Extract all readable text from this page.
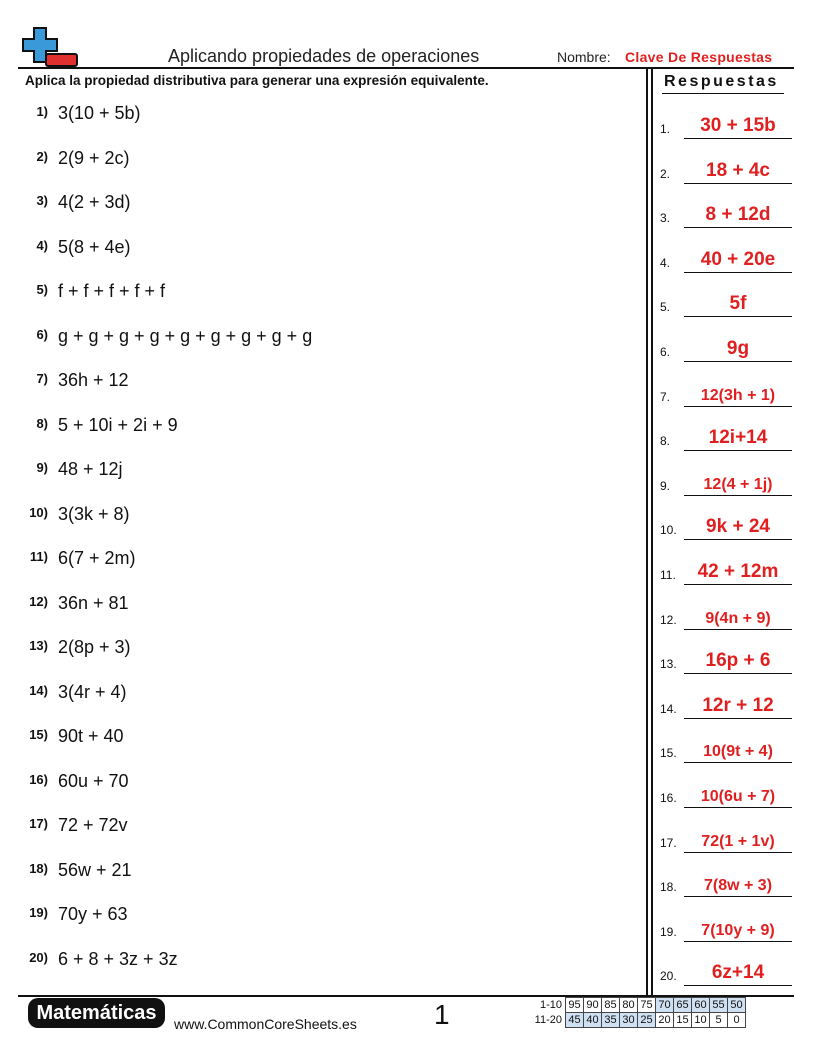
Aplicando propiedades de operaciones	Nombre: Clave De Respuestas
Aplica la propiedad distributiva para generar una expresión equivalente.	Respuestas
1) 3(10 + 5b)
2) 2(9 + 2c)
3) 4(2 + 3d)
4) 5(8 + 4e)
5) f + f + f + f + f
6) g + g + g + g + g + g + g + g + g
7) 36h + 12
8) 5 + 10i + 2i + 9
9) 48 + 12j
10) 3(3k + 8)
11) 6(7 + 2m)
12) 36n + 81
13) 2(8p + 3)
14) 3(4r + 4)
15) 90t + 40
16) 60u + 70
17) 72 + 72v
18) 56w + 21
19) 70y + 63
20) 6 + 8 + 3z + 3z
1.	30 + 15b
2.	18 + 4c
3.	8 + 12d
4.	40 + 20e
5.	5f
6.	9g
7.	12(3h + 1)
8.	12i+14
9.	12(4 + 1j)
10.	9k + 24
11.	42 + 12m
12.	9(4n + 9)
13.	16p + 6
14.	12r + 12
15.	10(9t + 4)
16.	10(6u + 7)
17.	72(1 + 1v)
18.	7(8w + 3)
19.	7(10y + 9)
20.	6z+14
Matemáticas	www.CommonCoreSheets.es	1	1-10	95	90	85	80	75	70	65	60	55	50
11-20	45	40	35	30	25	20	15	10	5	0
